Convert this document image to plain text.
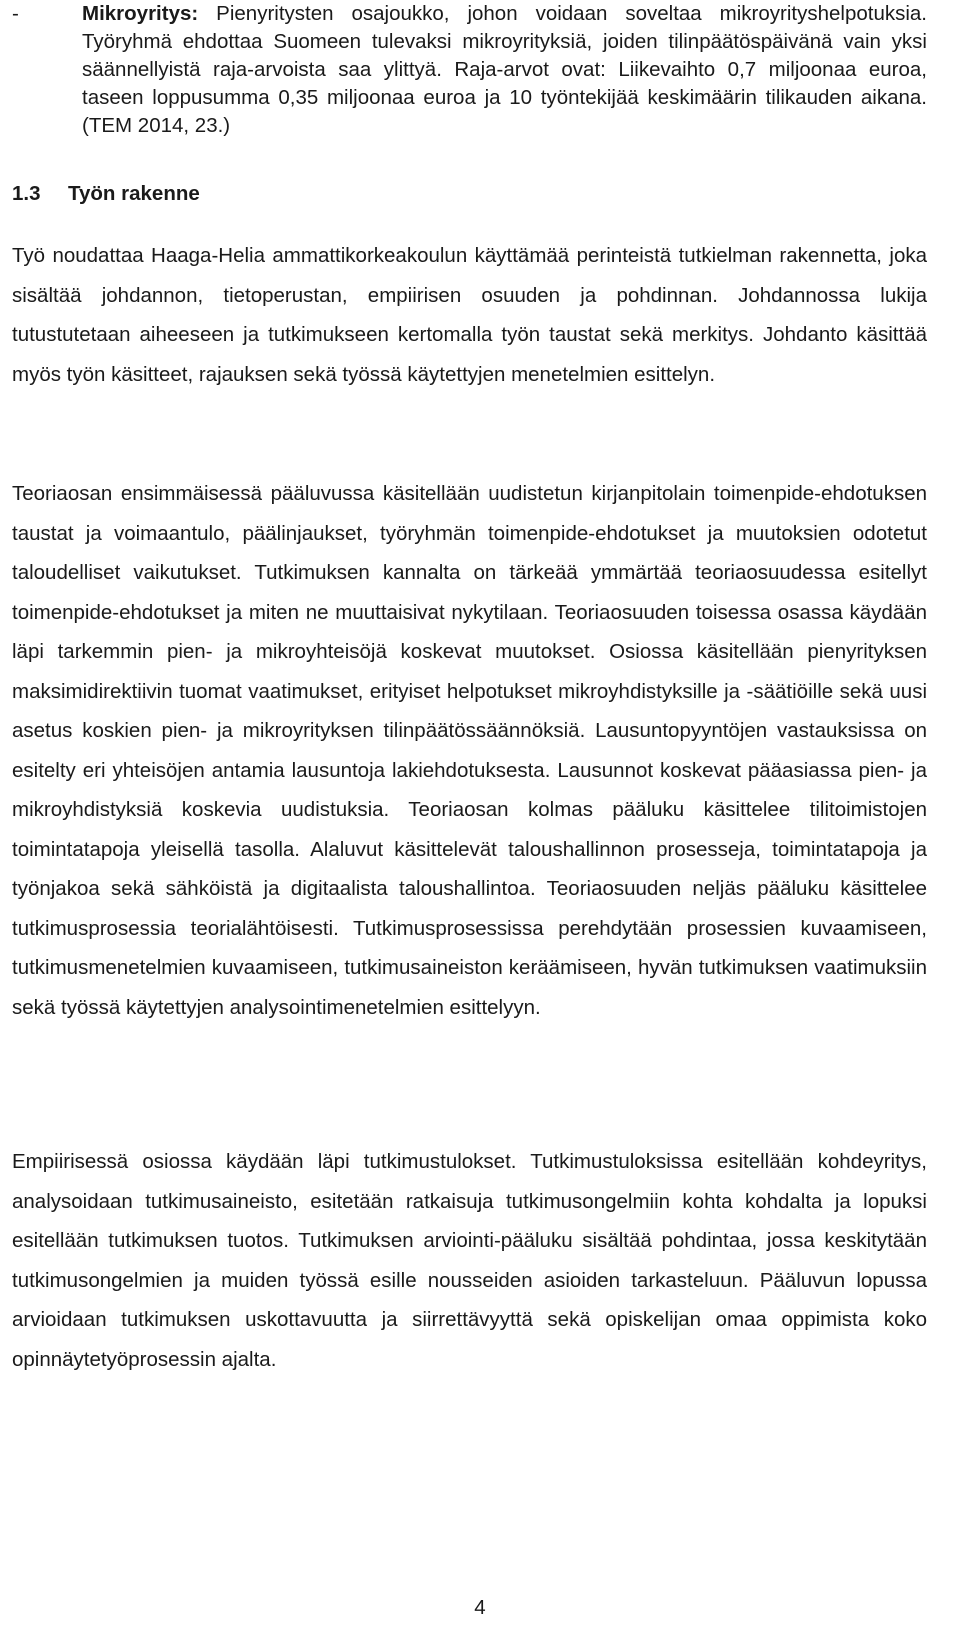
-	Mikroyritys: Pienyritysten osajoukko, johon voidaan soveltaa mikroyrityshelpotuksia. Työryhmä ehdottaa Suomeen tulevaksi mikroyrityksiä, joiden tilinpäätöspäivänä vain yksi säännellyistä raja-arvoista saa ylittyä. Raja-arvot ovat: Liikevaihto 0,7 miljoonaa euroa, taseen loppusumma 0,35 miljoonaa euroa ja 10 työntekijää keskimäärin tilikauden aikana. (TEM 2014, 23.)
1.3 Työn rakenne

Työ noudattaa Haaga-Helia ammattikorkeakoulun käyttämää perinteistä tutkielman rakennetta, joka sisältää johdannon, tietoperustan, empiirisen osuuden ja pohdinnan. Johdannossa lukija tutustutetaan aiheeseen ja tutkimukseen kertomalla työn taustat sekä merkitys. Johdanto käsittää myös työn käsitteet, rajauksen sekä työssä käytettyjen menetelmien esittelyn.

Teoriaosan ensimmäisessä pääluvussa käsitellään uudistetun kirjanpitolain toimenpide-ehdotuksen taustat ja voimaantulo, päälinjaukset, työryhmän toimenpide-ehdotukset ja muutoksien odotetut taloudelliset vaikutukset. Tutkimuksen kannalta on tärkeää ymmärtää teoriaosuudessa esitellyt toimenpide-ehdotukset ja miten ne muuttaisivat nykytilaan. Teoriaosuuden toisessa osassa käydään läpi tarkemmin pien- ja mikroyhteisöjä koskevat muutokset. Osiossa käsitellään pienyrityksen maksimidirektiivin tuomat vaatimukset, erityiset helpotukset mikroyhdistyksille ja -säätiöille sekä uusi asetus koskien pien- ja mikroyrityksen tilinpäätössäännöksiä. Lausuntopyyntöjen vastauksissa on esitelty eri yhteisöjen antamia lausuntoja lakiehdotuksesta. Lausunnot koskevat pääasiassa pien- ja mikroyhdistyksiä koskevia uudistuksia. Teoriaosan kolmas pääluku käsittelee tilitoimistojen toimintatapoja yleisellä tasolla. Alaluvut käsittelevät taloushallinnon prosesseja, toimintatapoja ja työnjakoa sekä sähköistä ja digitaalista taloushallintoa. Teoriaosuuden neljäs pääluku käsittelee tutkimusprosessia teorialähtöisesti. Tutkimusprosessissa perehdytään prosessien kuvaamiseen, tutkimusmenetelmien kuvaamiseen, tutkimusaineiston keräämiseen, hyvän tutkimuksen vaatimuksiin sekä työssä käytettyjen analysointimenetelmien esittelyyn.

Empiirisessä osiossa käydään läpi tutkimustulokset. Tutkimustuloksissa esitellään kohdeyritys, analysoidaan tutkimusaineisto, esitetään ratkaisuja tutkimusongelmiin kohta kohdalta ja lopuksi esitellään tutkimuksen tuotos. Tutkimuksen arviointi-pääluku sisältää pohdintaa, jossa keskitytään tutkimusongelmien ja muiden työssä esille nousseiden asioiden tarkasteluun. Pääluvun lopussa arvioidaan tutkimuksen uskottavuutta ja siirrettävyyttä sekä opiskelijan omaa oppimista koko opinnäytetyöprosessin ajalta.

4
